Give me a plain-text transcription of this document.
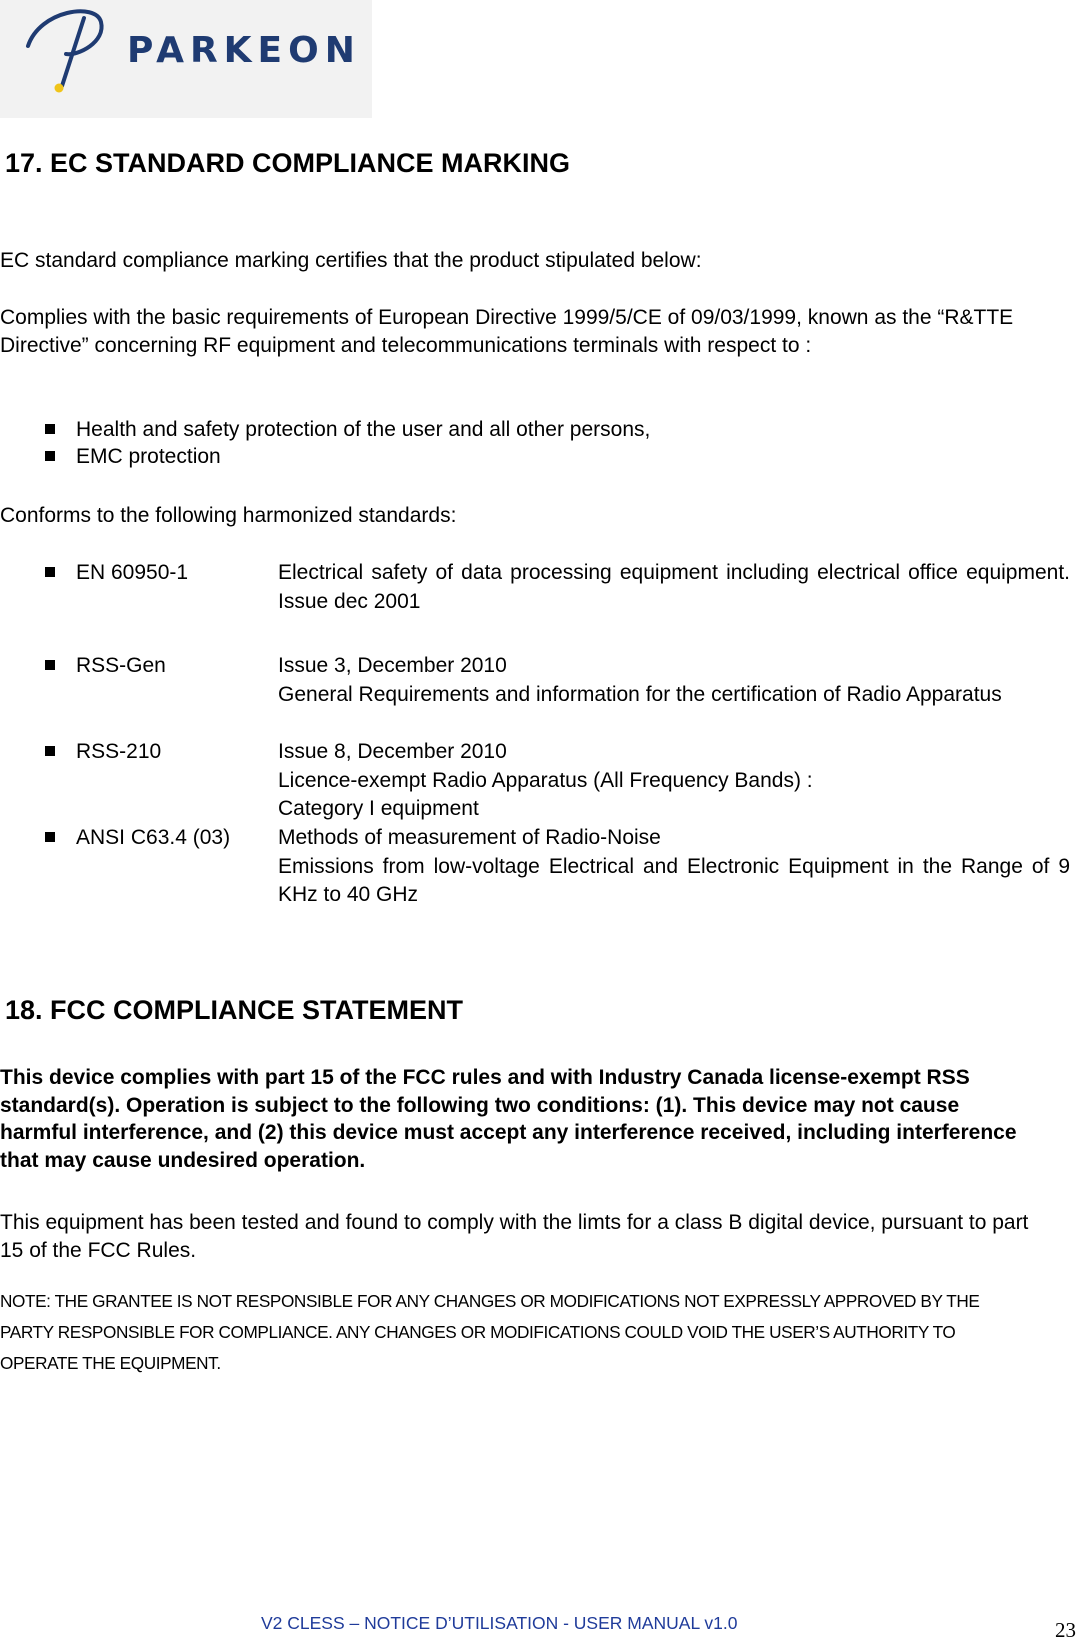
PARKEON
17. EC STANDARD COMPLIANCE MARKING

EC standard compliance marking certifies that the product stipulated below:

Complies with the basic requirements of European Directive 1999/5/CE of 09/03/1999, known as the “R&TTE Directive” concerning RF equipment and telecommunications terminals with respect to :

Health and safety protection of the user and all other persons,
EMC protection

Conforms to the following harmonized standards:

EN 60950-1	Electrical safety of data processing equipment including electrical office equipment. Issue dec 2001
RSS-Gen	Issue 3, December 2010
General Requirements and information for the certification of Radio Apparatus
RSS-210	Issue 8, December 2010
Licence-exempt Radio Apparatus (All Frequency Bands) :
Category I equipment
ANSI C63.4 (03)	Methods of measurement of Radio-Noise
Emissions from low-voltage Electrical and Electronic Equipment in the Range of 9 KHz to 40 GHz
18. FCC COMPLIANCE STATEMENT

This device complies with part 15 of the FCC rules and with Industry Canada license-exempt RSS standard(s). Operation is subject to the following two conditions: (1). This device may not cause harmful interference, and (2) this device must accept any interference received, including interference that may cause undesired operation.

This equipment has been tested and found to comply with the limts for a class B digital device, pursuant to part 15 of the FCC Rules.

NOTE: THE GRANTEE IS NOT RESPONSIBLE FOR ANY CHANGES OR MODIFICATIONS NOT EXPRESSLY APPROVED BY THE PARTY RESPONSIBLE FOR COMPLIANCE. ANY CHANGES OR MODIFICATIONS COULD VOID THE USER’S AUTHORITY TO OPERATE THE EQUIPMENT.

V2 CLESS – NOTICE D’UTILISATION - USER MANUAL v1.0	23
